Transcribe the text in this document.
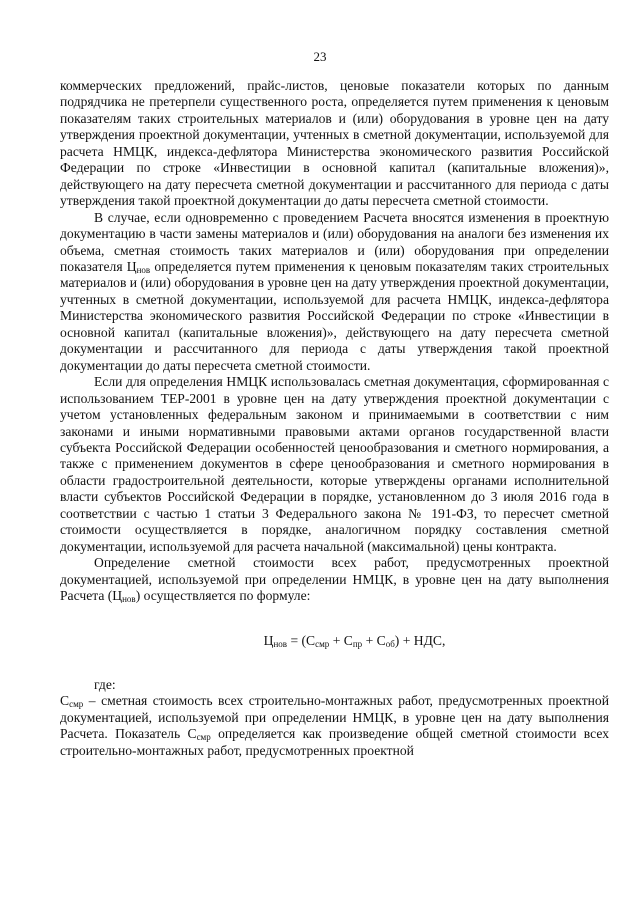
23

коммерческих предложений, прайс-листов, ценовые показатели которых по данным подрядчика не претерпели существенного роста, определяется путем применения к ценовым показателям таких строительных материалов и (или) оборудования в уровне цен на дату утверждения проектной документации, учтенных в сметной документации, используемой для расчета НМЦК, индекса-дефлятора Министерства экономического развития Российской Федерации по строке «Инвестиции в основной капитал (капитальные вложения)», действующего на дату пересчета сметной документации и рассчитанного для периода с даты утверждения такой проектной документации до даты пересчета сметной стоимости.

В случае, если одновременно с проведением Расчета вносятся изменения в проектную документацию в части замены материалов и (или) оборудования на аналоги без изменения их объема, сметная стоимость таких материалов и (или) оборудования при определении показателя $Ц_{нов}$ определяется путем применения к ценовым показателям таких строительных материалов и (или) оборудования в уровне цен на дату утверждения проектной документации, учтенных в сметной документации, используемой для расчета НМЦК, индекса-дефлятора Министерства экономического развития Российской Федерации по строке «Инвестиции в основной капитал (капитальные вложения)», действующего на дату пересчета сметной документации и рассчитанного для периода с даты утверждения такой проектной документации до даты пересчета сметной стоимости.

Если для определения НМЦК использовалась сметная документация, сформированная с использованием ТЕР-2001 в уровне цен на дату утверждения проектной документации с учетом установленных федеральным законом и принимаемыми в соответствии с ним законами и иными нормативными правовыми актами органов государственной власти субъекта Российской Федерации особенностей ценообразования и сметного нормирования, а также с применением документов в сфере ценообразования и сметного нормирования в области градостроительной деятельности, которые утверждены органами исполнительной власти субъектов Российской Федерации в порядке, установленном до 3 июля 2016 года в соответствии с частью 1 статьи 3 Федерального закона № 191-ФЗ, то пересчет сметной стоимости осуществляется в порядке, аналогичном порядку составления сметной документации, используемой для расчета начальной (максимальной) цены контракта.

Определение сметной стоимости всех работ, предусмотренных проектной документацией, используемой при определении НМЦК, в уровне цен на дату выполнения Расчета $(Ц_{нов})$ осуществляется по формуле:

$Ц_{нов} = (С_{смр} + С_{пр} + С_{об})$ + НДС,

где:

$С_{смр}$ – сметная стоимость всех строительно-монтажных работ, предусмотренных проектной документацией, используемой при определении НМЦК, в уровне цен на дату выполнения Расчета. Показатель $С_{смр}$ определяется как произведение общей сметной стоимости всех строительно-монтажных работ, предусмотренных проектной
